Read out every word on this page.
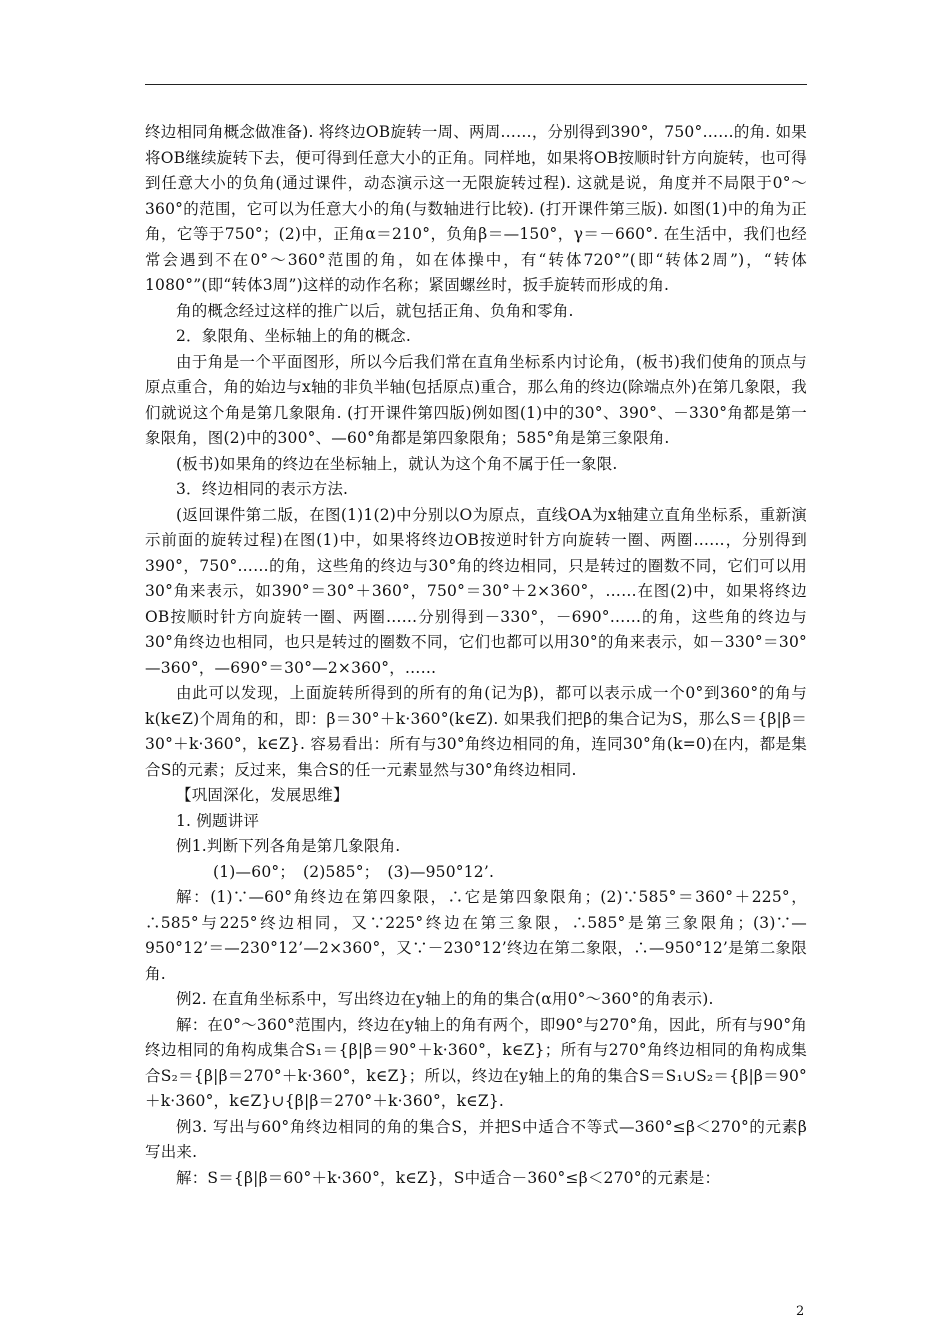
终边相同角概念做准备). 将终边OB旋转一周、两周……，分别得到390°，750°……的角. 如果将OB继续旋转下去，便可得到任意大小的正角。同样地，如果将OB按顺时针方向旋转，也可得到任意大小的负角(通过课件，动态演示这一无限旋转过程). 这就是说，角度并不局限于0°～360°的范围，它可以为任意大小的角(与数轴进行比较). (打开课件第三版). 如图(1)中的角为正角，它等于750°；(2)中，正角α＝210°，负角β＝—150°，γ＝－660°. 在生活中，我们也经常会遇到不在0°～360°范围的角，如在体操中，有“转体720°”(即“转体2周”)，“转体1080°”(即“转体3周”)这样的动作名称；紧固螺丝时，扳手旋转而形成的角.

角的概念经过这样的推广以后，就包括正角、负角和零角.

2．象限角、坐标轴上的角的概念.

由于角是一个平面图形，所以今后我们常在直角坐标系内讨论角，(板书)我们使角的顶点与原点重合，角的始边与x轴的非负半轴(包括原点)重合，那么角的终边(除端点外)在第几象限，我们就说这个角是第几象限角. (打开课件第四版)例如图(1)中的30°、390°、－330°角都是第一象限角，图(2)中的300°、—60°角都是第四象限角；585°角是第三象限角.

(板书)如果角的终边在坐标轴上，就认为这个角不属于任一象限.

3．终边相同的表示方法.

(返回课件第二版，在图(1)1(2)中分别以O为原点，直线OA为x轴建立直角坐标系，重新演示前面的旋转过程)在图(1)中，如果将终边OB按逆时针方向旋转一圈、两圈……，分别得到390°，750°……的角，这些角的终边与30°角的终边相同，只是转过的圈数不同，它们可以用30°角来表示，如390°＝30°＋360°，750°＝30°＋2×360°，……在图(2)中，如果将终边OB按顺时针方向旋转一圈、两圈……分别得到－330°，－690°……的角，这些角的终边与30°角终边也相同，也只是转过的圈数不同，它们也都可以用30°的角来表示，如－330°＝30°—360°，—690°＝30°—2×360°，……

由此可以发现，上面旋转所得到的所有的角(记为β)，都可以表示成一个0°到360°的角与k(k∈Z)个周角的和，即：β＝30°＋k·360°(k∈Z). 如果我们把β的集合记为S，那么S＝{β|β＝30°＋k·360°，k∈Z}. 容易看出：所有与30°角终边相同的角，连同30°角(k=0)在内，都是集合S的元素；反过来，集合S的任一元素显然与30°角终边相同.

【巩固深化，发展思维】

1. 例题讲评

例1.判断下列各角是第几象限角.

(1)—60°；　(2)585°；　(3)—950°12’.

解：(1)∵—60°角终边在第四象限，∴它是第四象限角；(2)∵585°＝360°＋225°，∴585°与225°终边相同，又∵225°终边在第三象限，∴585°是第三象限角；(3)∵—950°12’＝—230°12’—2×360°，又∵－230°12’终边在第二象限，∴—950°12’是第二象限角.

例2. 在直角坐标系中，写出终边在y轴上的角的集合(α用0°～360°的角表示).

解：在0°～360°范围内，终边在y轴上的角有两个，即90°与270°角，因此，所有与90°角终边相同的角构成集合S₁＝{β|β＝90°＋k·360°，k∈Z}；所有与270°角终边相同的角构成集合S₂＝{β|β＝270°＋k·360°，k∈Z}；所以，终边在y轴上的角的集合S＝S₁∪S₂＝{β|β＝90°＋k·360°，k∈Z}∪{β|β＝270°＋k·360°，k∈Z}.

例3. 写出与60°角终边相同的角的集合S，并把S中适合不等式—360°≤β＜270°的元素β写出来.

解：S＝{β|β＝60°＋k·360°，k∈Z}，S中适合－360°≤β＜270°的元素是：

2
